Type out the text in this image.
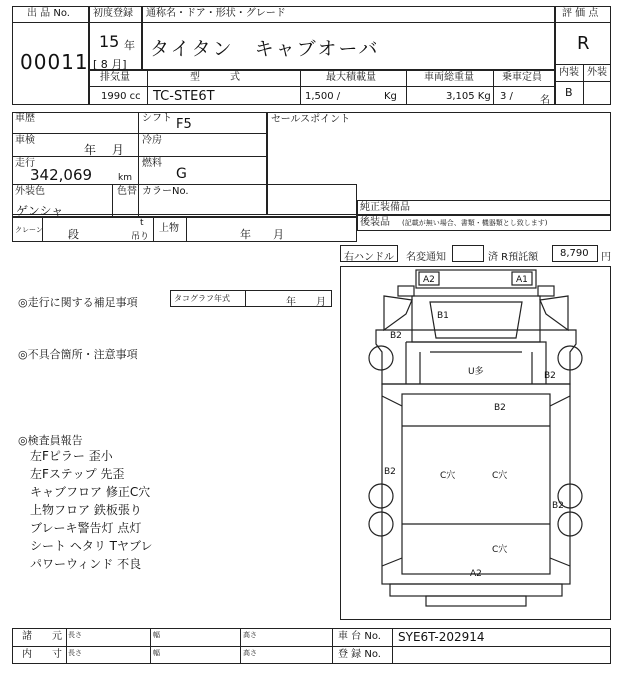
出 品 No.
00011
初度登録
15 年
[ 8 月]
通称名・ドア・形状・グレード
タイタン　キャブオーバ
評 価 点
R
内装 外装
B
排気量	型　　　式	最大積載量	車両総重量	乗車定員
1990 cc TC-STE6T	1,500 /	Kg	3,105 Kg 3 /	名
車歴	シフト F5
車検
年　 月
冷房
走行
342,069	km
燃料
G
セールスポイント
外装色
ゲンシャ
色替 カラーNo.
純正装備品
後装品 (記載が無い場合、書類・機器類とし致します)
クレーン 段
t
吊り
上物	年　　月
右ハンドル 名変通知	済 R預託額 8,790 円
◎走行に関する補足事項	タコグラフ年式	年　　月
◎不具合箇所・注意事項
◎検査員報告
左Fピラー 歪小
左Fステップ 先歪
キャブフロア 修正C穴
上物フロア 鉄板張り
ブレーキ警告灯 点灯
シート ヘタリ Tヤブレ
パワーウィンド 不良
A2	A1
B1
B2
U多	B2
B2
B2	C穴	C穴
B2
C穴
A2
諸　　元
内　　寸
長さ
長さ
幅
幅
高さ
高さ
車 台 No. SYE6T-202914
登 録 No.
